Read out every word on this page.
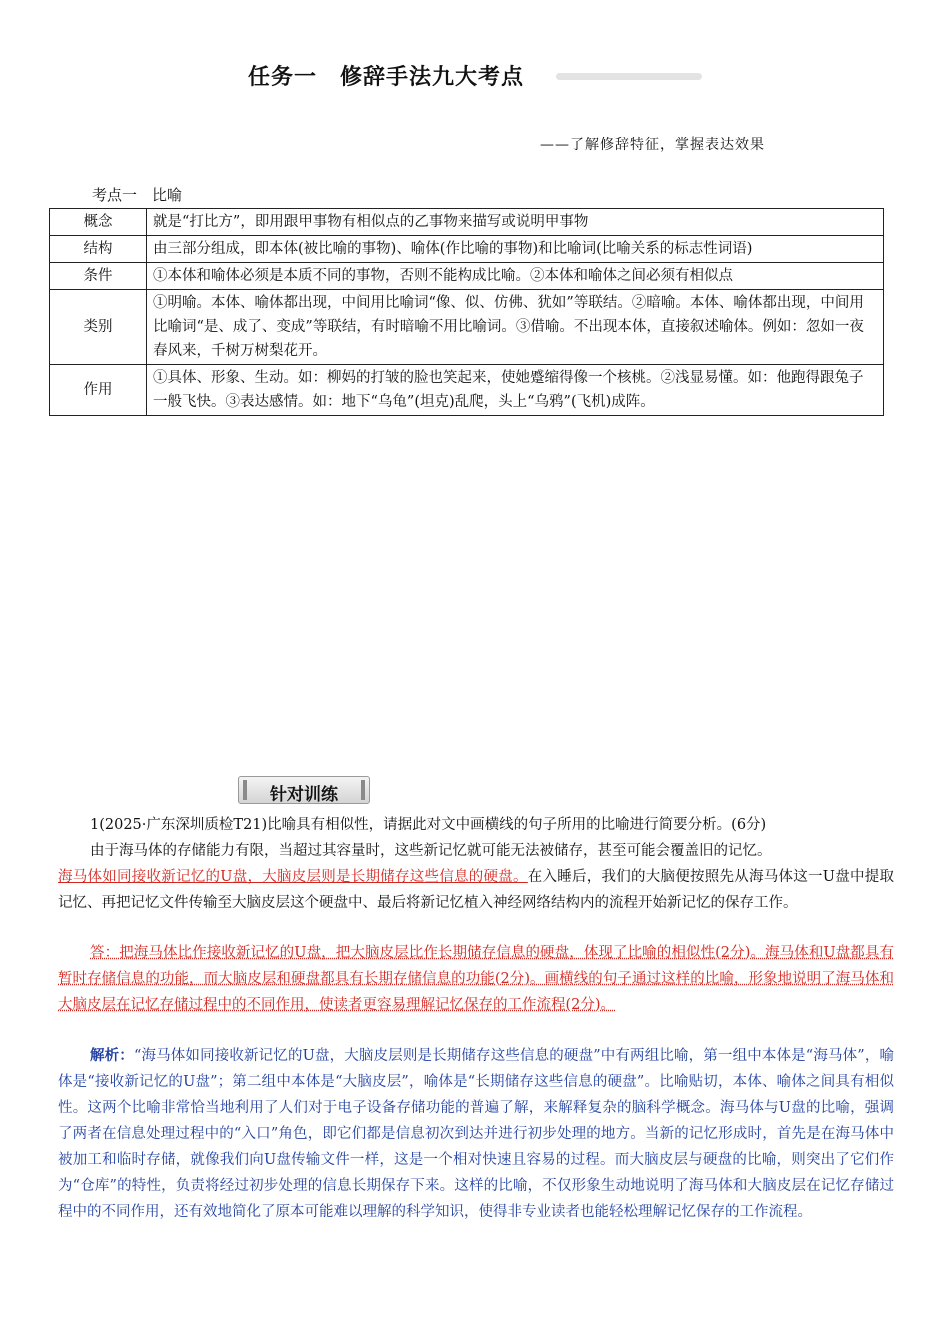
任务一　修辞手法九大考点
——了解修辞特征，掌握表达效果
考点一　比喻
概念	就是“打比方”，即用跟甲事物有相似点的乙事物来描写或说明甲事物
结构	由三部分组成，即本体(被比喻的事物)、喻体(作比喻的事物)和比喻词(比喻关系的标志性词语)
条件	①本体和喻体必须是本质不同的事物，否则不能构成比喻。②本体和喻体之间必须有相似点
类别	①明喻。本体、喻体都出现，中间用比喻词“像、似、仿佛、犹如”等联结。②暗喻。本体、喻体都出现，中间用比喻词“是、成了、变成”等联结，有时暗喻不用比喻词。③借喻。不出现本体，直接叙述喻体。例如：忽如一夜春风来，千树万树梨花开。
作用	①具体、形象、生动。如：柳妈的打皱的脸也笑起来，使她蹙缩得像一个核桃。②浅显易懂。如：他跑得跟兔子一般飞快。③表达感情。如：地下“乌龟”(坦克)乱爬，头上“乌鸦”(飞机)成阵。
针对训练
1(2025·广东深圳质检T21)比喻具有相似性，请据此对文中画横线的句子所用的比喻进行简要分析。(6分)
由于海马体的存储能力有限，当超过其容量时，这些新记忆就可能无法被储存，甚至可能会覆盖旧的记忆。
海马体如同接收新记忆的U盘，大脑皮层则是长期储存这些信息的硬盘。在入睡后，我们的大脑便按照先从海马体这一U盘中提取记忆、再把记忆文件传输至大脑皮层这个硬盘中、最后将新记忆植入神经网络结构内的流程开始新记忆的保存工作。
答：把海马体比作接收新记忆的U盘，把大脑皮层比作长期储存信息的硬盘，体现了比喻的相似性(2分)。海马体和U盘都具有暂时存储信息的功能，而大脑皮层和硬盘都具有长期存储信息的功能(2分)。画横线的句子通过这样的比喻，形象地说明了海马体和大脑皮层在记忆存储过程中的不同作用，使读者更容易理解记忆保存的工作流程(2分)。
解析：“海马体如同接收新记忆的U盘，大脑皮层则是长期储存这些信息的硬盘”中有两组比喻，第一组中本体是“海马体”，喻体是“接收新记忆的U盘”；第二组中本体是“大脑皮层”，喻体是“长期储存这些信息的硬盘”。比喻贴切，本体、喻体之间具有相似性。这两个比喻非常恰当地利用了人们对于电子设备存储功能的普遍了解，来解释复杂的脑科学概念。海马体与U盘的比喻，强调了两者在信息处理过程中的“入口”角色，即它们都是信息初次到达并进行初步处理的地方。当新的记忆形成时，首先是在海马体中被加工和临时存储，就像我们向U盘传输文件一样，这是一个相对快速且容易的过程。而大脑皮层与硬盘的比喻，则突出了它们作为“仓库”的特性，负责将经过初步处理的信息长期保存下来。这样的比喻，不仅形象生动地说明了海马体和大脑皮层在记忆存储过程中的不同作用，还有效地简化了原本可能难以理解的科学知识，使得非专业读者也能轻松理解记忆保存的工作流程。
